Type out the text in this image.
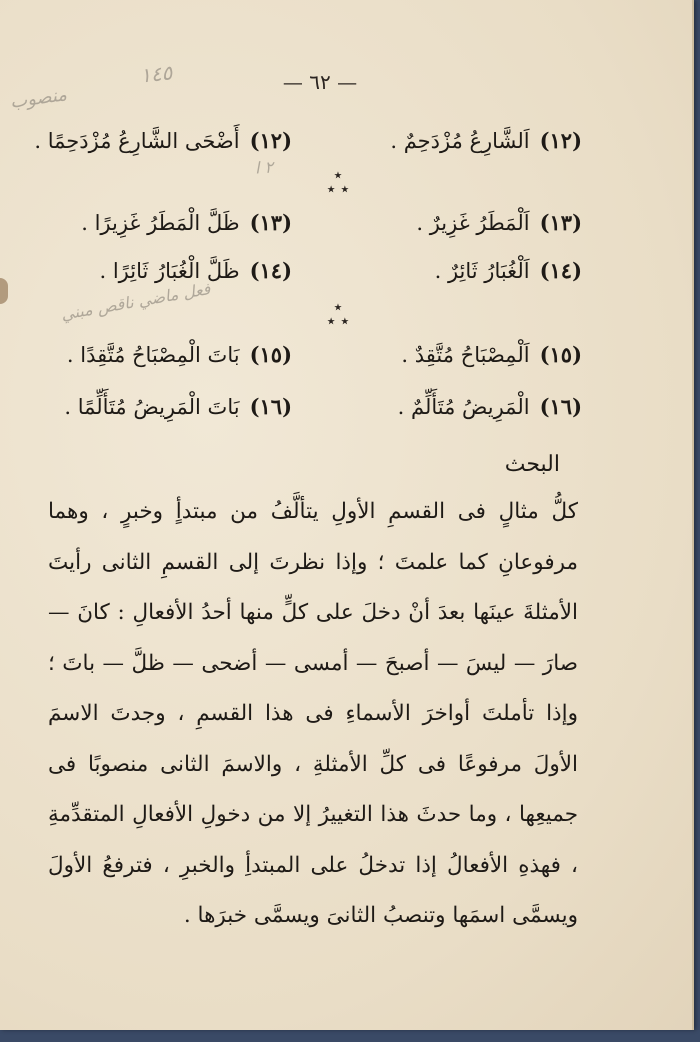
منصوب
١٤٥
٢ ا
فعل ماضي ناقص مبني
— ٦٢ —
(١٢)اَلشَّارِعُ مُزْدَحِمٌ .
(١٢)أَضْحَى الشَّارِعُ مُزْدَحِمًا .
٭
٭ ٭
(١٣)اَلْمَطَرُ غَزِيرٌ .
(١٣)ظَلَّ الْمَطَرُ غَزِيرًا .
(١٤)اَلْغُبَارُ ثَائِرٌ .
(١٤)ظَلَّ الْغُبَارُ ثَائِرًا .
٭
٭ ٭
(١٥)اَلْمِصْبَاحُ مُتَّقِدٌ .
(١٥)بَاتَ الْمِصْبَاحُ مُتَّقِدًا .
(١٦)الْمَرِيضُ مُتَأَلِّمٌ .
(١٦)بَاتَ الْمَرِيضُ مُتَأَلِّمًا .
البحث

كلُّ مثالٍ فى القسمِ الأولِ يتألَّفُ من مبتدأٍ وخبرٍ ، وهما مرفوعانِ كما علمتَ ؛ وإذا نظرتَ إلى القسمِ الثانى رأيتَ الأمثلةَ عينَها بعدَ أنْ دخلَ على كلٍّ منها أحدُ الأفعالِ : كانَ — صارَ — ليسَ — أصبحَ — أمسى — أضحى — ظلَّ — باتَ ؛ وإذا تأملتَ أواخرَ الأسماءِ فى هذا القسمِ ، وجدتَ الاسمَ الأولَ مرفوعًا فى كلِّ الأمثلةِ ، والاسمَ الثانى منصوبًا فى جميعِها ، وما حدثَ هذا التغييرُ إلا من دخولِ الأفعالِ المتقدِّمةِ ، فهذهِ الأفعالُ إذا تدخلُ على المبتدأِ والخبرِ ، فترفعُ الأولَ ويسمَّى اسمَها وتنصبُ الثانىَ ويسمَّى خبرَها .
